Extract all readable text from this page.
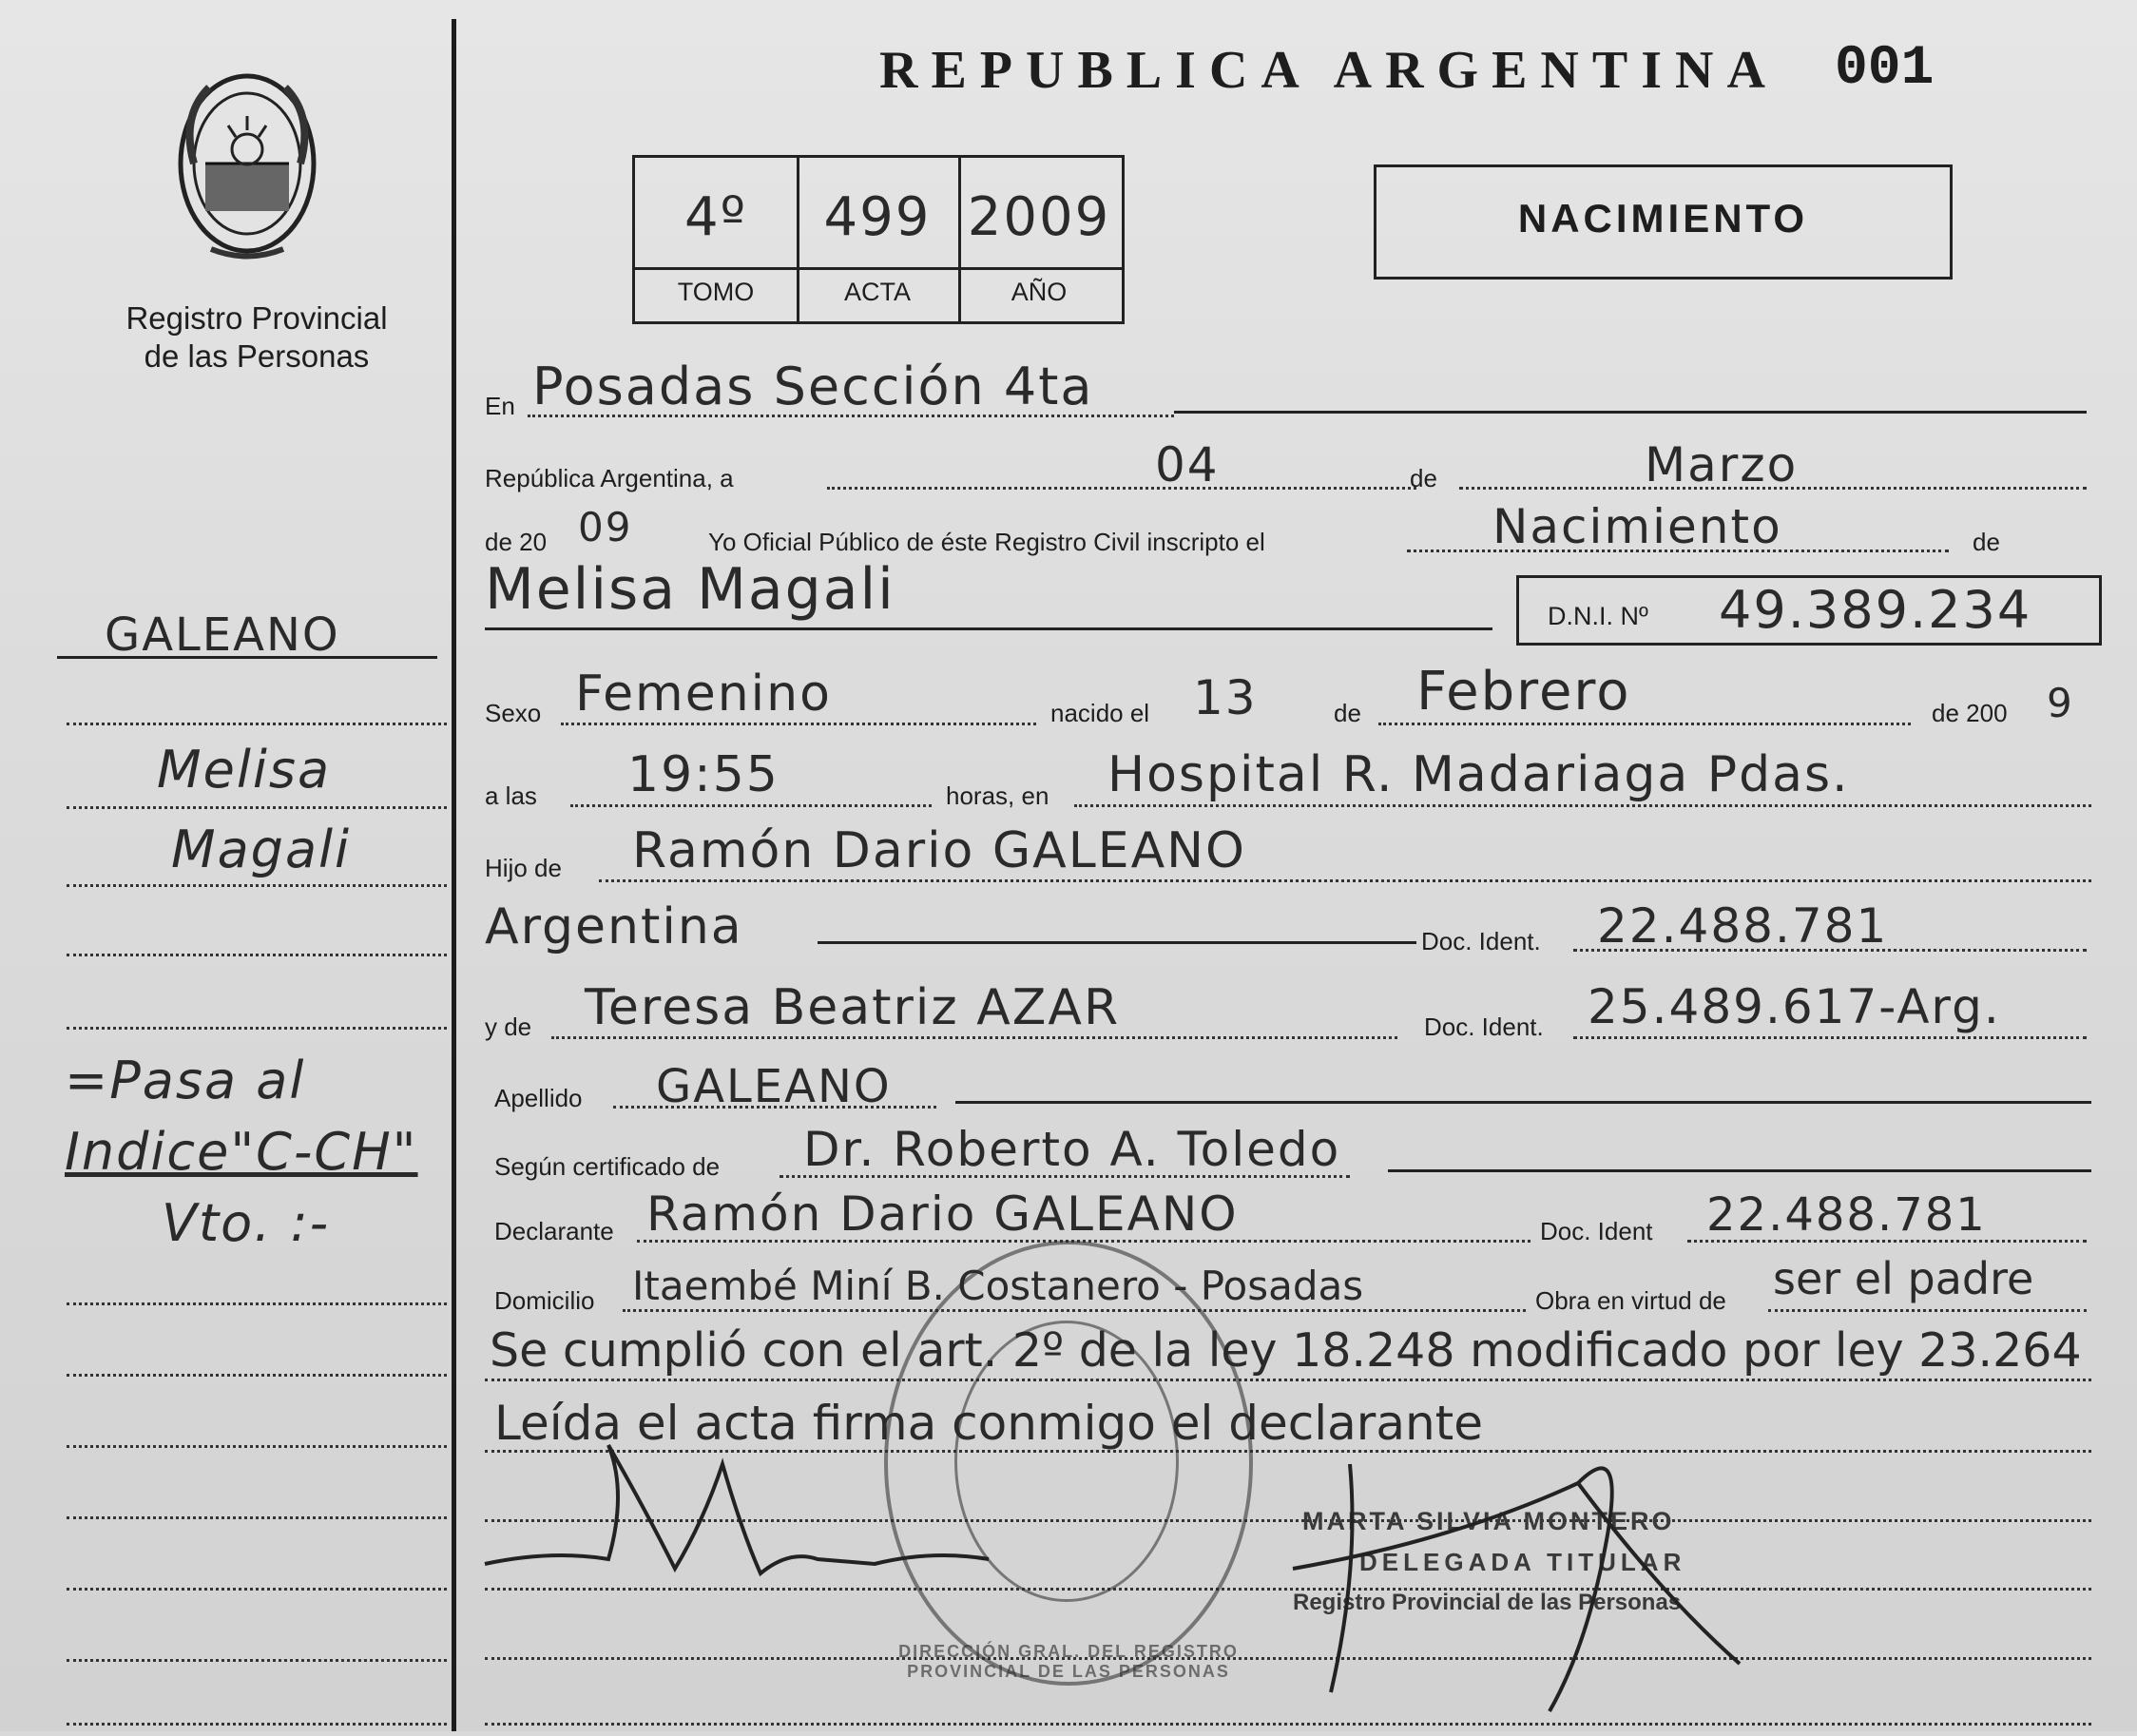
Registro Provincial
de las Personas
REPUBLICA ARGENTINA 001
4º	499 2009
TOMO	ACTA	AÑO
NACIMIENTO
GALEANO
Melisa
Magali
=Pasa al
Indice"C-CH"
Vto. :-
En Posadas Sección 4ta
República Argentina, a	04	de	Marzo
de 20 09	Yo Oficial Público de éste Registro Civil inscripto el	Nacimiento	de
Melisa Magali	D.N.I. Nº 49.389.234
Sexo Femenino	nacido el 13	de Febrero	de 200 9
a las 19:55	horas, en Hospital R. Madariaga Pdas.
Hijo de Ramón Dario GALEANO
Argentina	Doc. Ident. 22.488.781
y de Teresa Beatriz AZAR	Doc. Ident. 25.489.617-Arg.
Apellido GALEANO
Según certificado de Dr. Roberto A. Toledo
Declarante Ramón Dario GALEANO	Doc. Ident 22.488.781
Domicilio Itaembé Miní B. Costanero - Posadas	Obra en virtud de ser el padre
Se cumplió con el art. 2º de la ley 18.248 modificado por ley 23.264
Leída el acta firma conmigo el declarante
DIRECCIÓN GRAL. DEL REGISTRO PROVINCIAL DE LAS PERSONAS
MARTA SILVIA MONTERO
DELEGADA TITULAR
Registro Provincial de las Personas
